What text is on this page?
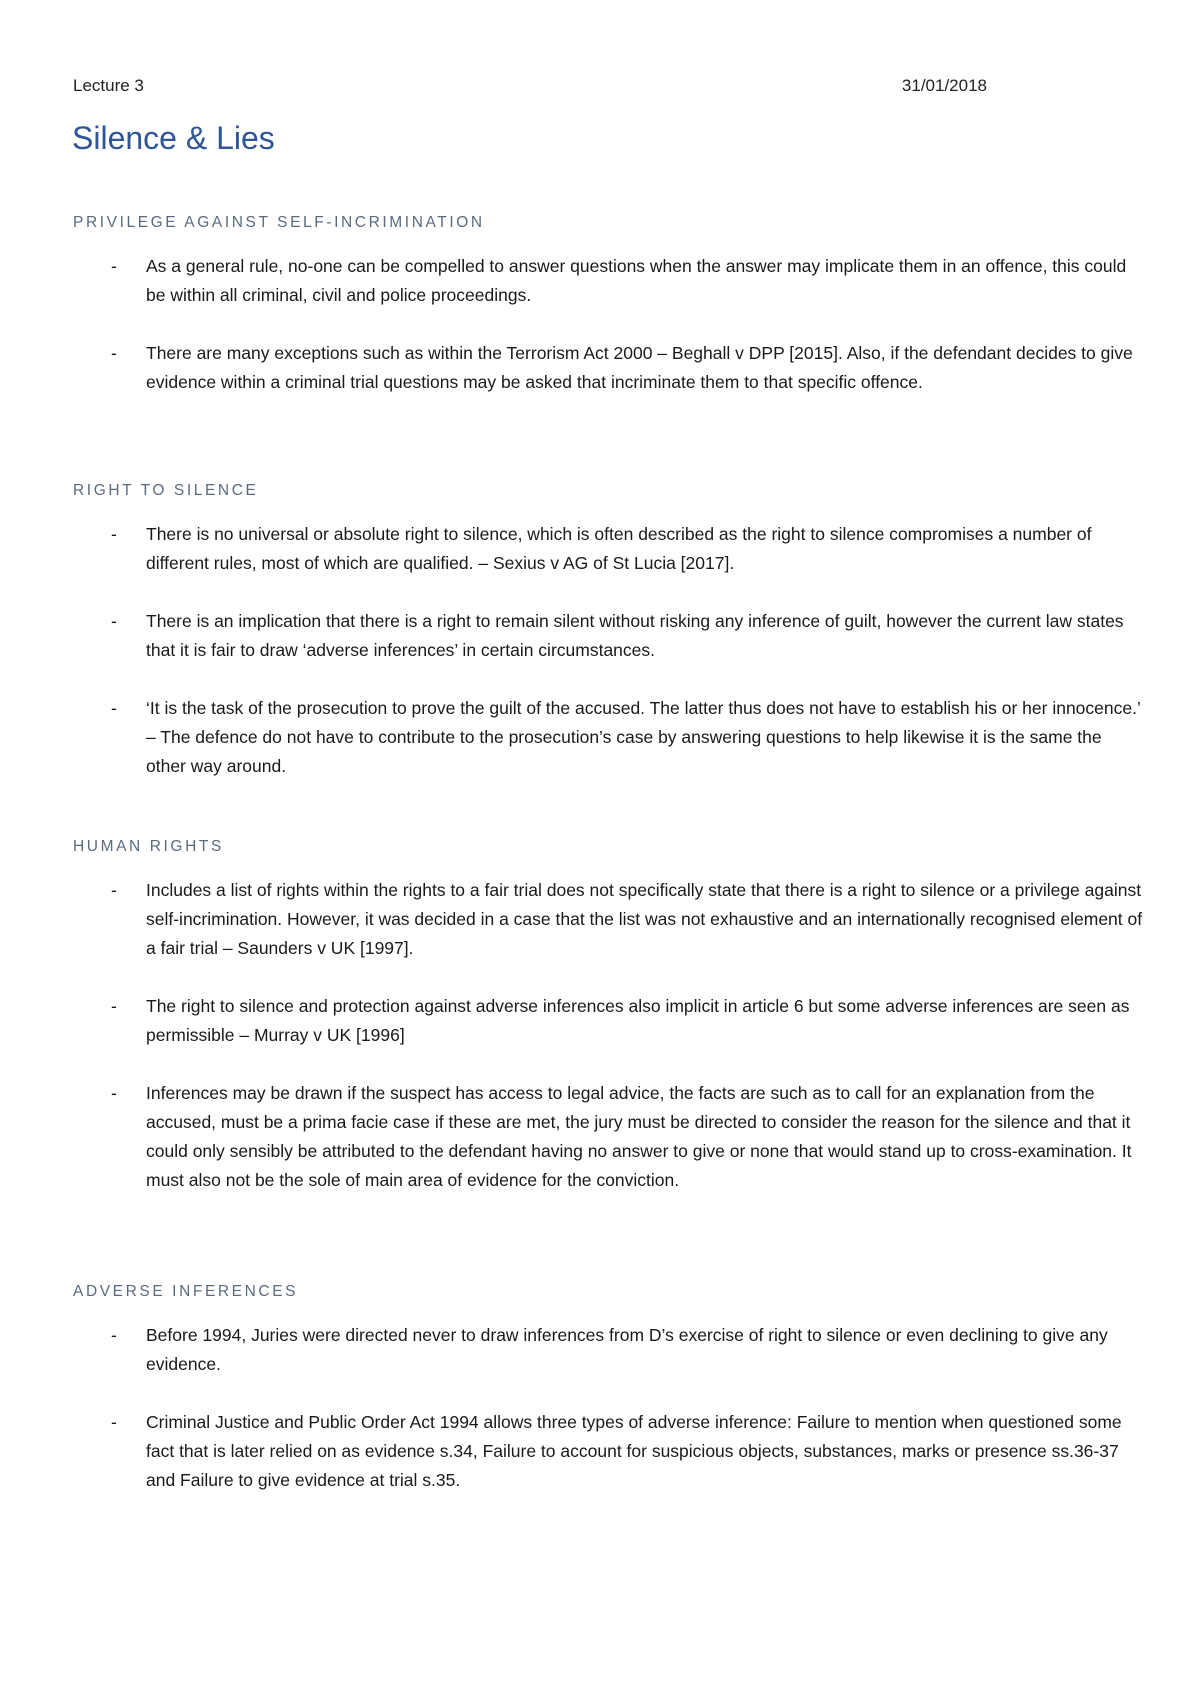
Lecture 3	31/01/2018
Silence & Lies
PRIVILEGE AGAINST SELF-INCRIMINATION
- As a general rule, no-one can be compelled to answer questions when the answer may implicate them in an offence, this could be within all criminal, civil and police proceedings.
- There are many exceptions such as within the Terrorism Act 2000 – Beghall v DPP [2015]. Also, if the defendant decides to give evidence within a criminal trial questions may be asked that incriminate them to that specific offence.
RIGHT TO SILENCE
- There is no universal or absolute right to silence, which is often described as the right to silence compromises a number of different rules, most of which are qualified. – Sexius v AG of St Lucia [2017].
- There is an implication that there is a right to remain silent without risking any inference of guilt, however the current law states that it is fair to draw ‘adverse inferences’ in certain circumstances.
- ‘It is the task of the prosecution to prove the guilt of the accused. The latter thus does not have to establish his or her innocence.’ – The defence do not have to contribute to the prosecution’s case by answering questions to help likewise it is the same the other way around.
HUMAN RIGHTS
- Includes a list of rights within the rights to a fair trial does not specifically state that there is a right to silence or a privilege against self-incrimination. However, it was decided in a case that the list was not exhaustive and an internationally recognised element of a fair trial – Saunders v UK [1997].
- The right to silence and protection against adverse inferences also implicit in article 6 but some adverse inferences are seen as permissible – Murray v UK [1996]
- Inferences may be drawn if the suspect has access to legal advice, the facts are such as to call for an explanation from the accused, must be a prima facie case if these are met, the jury must be directed to consider the reason for the silence and that it could only sensibly be attributed to the defendant having no answer to give or none that would stand up to cross-examination. It must also not be the sole of main area of evidence for the conviction.
ADVERSE INFERENCES
- Before 1994, Juries were directed never to draw inferences from D’s exercise of right to silence or even declining to give any evidence.
- Criminal Justice and Public Order Act 1994 allows three types of adverse inference: Failure to mention when questioned some fact that is later relied on as evidence s.34, Failure to account for suspicious objects, substances, marks or presence ss.36-37 and Failure to give evidence at trial s.35.
